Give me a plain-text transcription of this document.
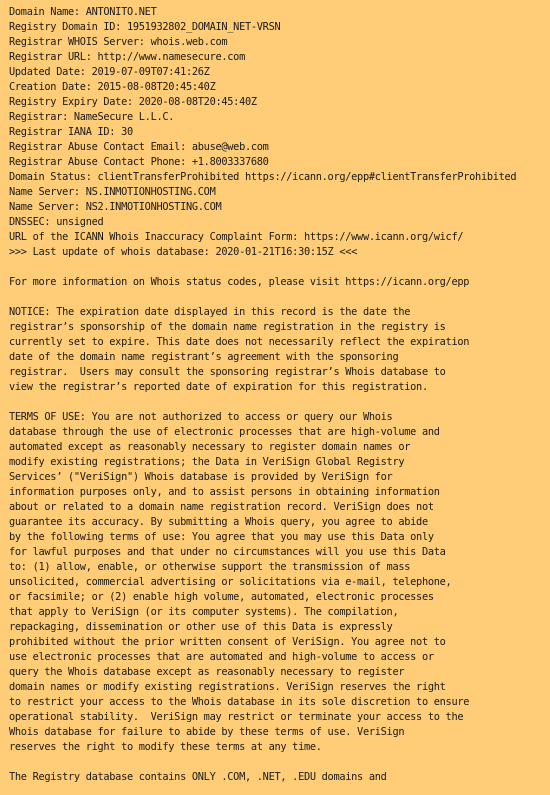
Domain Name: ANTONITO.NET
Registry Domain ID: 1951932802_DOMAIN_NET-VRSN
Registrar WHOIS Server: whois.web.com
Registrar URL: http://www.namesecure.com
Updated Date: 2019-07-09T07:41:26Z
Creation Date: 2015-08-08T20:45:40Z
Registry Expiry Date: 2020-08-08T20:45:40Z
Registrar: NameSecure L.L.C.
Registrar IANA ID: 30
Registrar Abuse Contact Email: abuse@web.com
Registrar Abuse Contact Phone: +1.8003337680
Domain Status: clientTransferProhibited https://icann.org/epp#clientTransferProhibited
Name Server: NS.INMOTIONHOSTING.COM
Name Server: NS2.INMOTIONHOSTING.COM
DNSSEC: unsigned
URL of the ICANN Whois Inaccuracy Complaint Form: https://www.icann.org/wicf/
>>> Last update of whois database: 2020-01-21T16:30:15Z <<<

For more information on Whois status codes, please visit https://icann.org/epp

NOTICE: The expiration date displayed in this record is the date the
registrar’s sponsorship of the domain name registration in the registry is
currently set to expire. This date does not necessarily reflect the expiration
date of the domain name registrant’s agreement with the sponsoring
registrar.  Users may consult the sponsoring registrar’s Whois database to
view the registrar’s reported date of expiration for this registration.

TERMS OF USE: You are not authorized to access or query our Whois
database through the use of electronic processes that are high-volume and
automated except as reasonably necessary to register domain names or
modify existing registrations; the Data in VeriSign Global Registry
Services’ ("VeriSign") Whois database is provided by VeriSign for
information purposes only, and to assist persons in obtaining information
about or related to a domain name registration record. VeriSign does not
guarantee its accuracy. By submitting a Whois query, you agree to abide
by the following terms of use: You agree that you may use this Data only
for lawful purposes and that under no circumstances will you use this Data
to: (1) allow, enable, or otherwise support the transmission of mass
unsolicited, commercial advertising or solicitations via e-mail, telephone,
or facsimile; or (2) enable high volume, automated, electronic processes
that apply to VeriSign (or its computer systems). The compilation,
repackaging, dissemination or other use of this Data is expressly
prohibited without the prior written consent of VeriSign. You agree not to
use electronic processes that are automated and high-volume to access or
query the Whois database except as reasonably necessary to register
domain names or modify existing registrations. VeriSign reserves the right
to restrict your access to the Whois database in its sole discretion to ensure
operational stability.  VeriSign may restrict or terminate your access to the
Whois database for failure to abide by these terms of use. VeriSign
reserves the right to modify these terms at any time.

The Registry database contains ONLY .COM, .NET, .EDU domains and
